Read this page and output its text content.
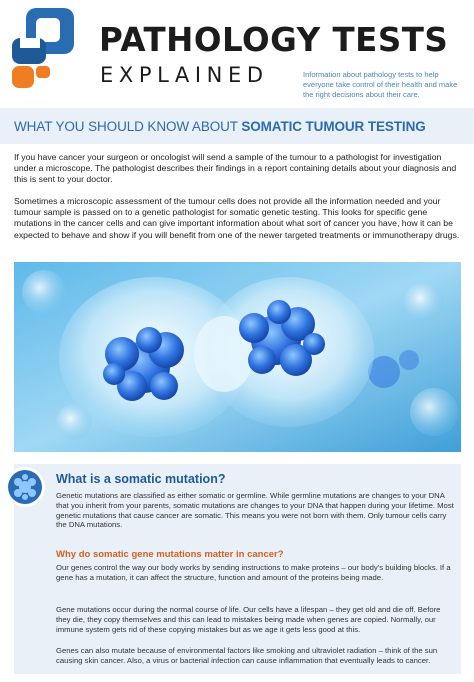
PATHOLOGY TESTS
EXPLAINED	Information about pathology tests to help everyone take control of their health and make the right decisions about their care.
WHAT YOU SHOULD KNOW ABOUT SOMATIC TUMOUR TESTING

If you have cancer your surgeon or oncologist will send a sample of the tumour to a pathologist for investigation under a microscope. The pathologist describes their findings in a report containing details about your diagnosis and this is sent to your doctor.

Sometimes a microscopic assessment of the tumour cells does not provide all the information needed and your tumour sample is passed on to a genetic pathologist for somatic genetic testing. This looks for specific gene mutations in the cancer cells and can give important information about what sort of cancer you have, how it can be expected to behave and show if you will benefit from one of the newer targeted treatments or immunotherapy drugs.

What is a somatic mutation?

Genetic mutations are classified as either somatic or germline. While germline mutations are changes to your DNA that you inherit from your parents, somatic mutations are changes to your DNA that happen during your lifetime. Most genetic mutations that cause cancer are somatic. This means you were not born with them. Only tumour cells carry the DNA mutations.

Why do somatic gene mutations matter in cancer?

Our genes control the way our body works by sending instructions to make proteins – our body's building blocks. If a gene has a mutation, it can affect the structure, function and amount of the proteins being made.

Gene mutations occur during the normal course of life. Our cells have a lifespan – they get old and die off. Before they die, they copy themselves and this can lead to mistakes being made when genes are copied. Normally, our immune system gets rid of these copying mistakes but as we age it gets less good at this.

Genes can also mutate because of environmental factors like smoking and ultraviolet radiation – think of the sun causing skin cancer. Also, a virus or bacterial infection can cause inflammation that eventually leads to cancer.
